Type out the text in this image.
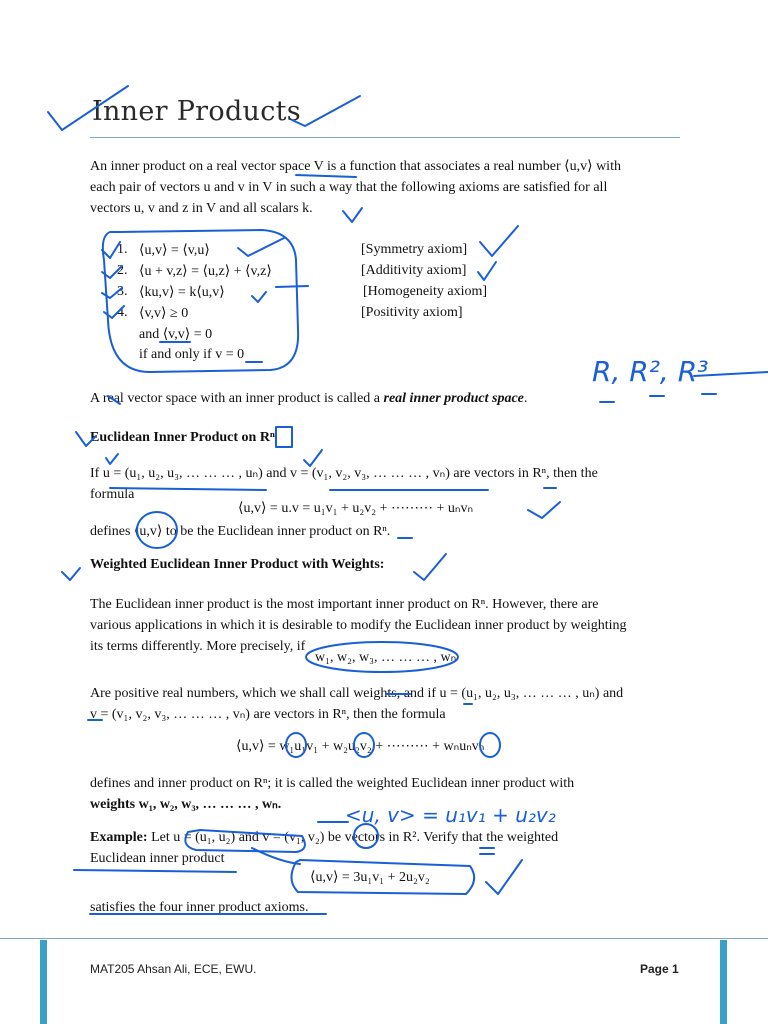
Inner Products
An inner product on a real vector space V is a function that associates a real number ⟨u,v⟩ with
each pair of vectors u and v in V in such a way that the following axioms are satisfied for all
vectors u, v and z in V and all scalars k.
1. ⟨u,v⟩ = ⟨v,u⟩	[Symmetry axiom]
2. ⟨u + v,z⟩ = ⟨u,z⟩ + ⟨v,z⟩	[Additivity axiom]
3. ⟨ku,v⟩ = k⟨u,v⟩	[Homogeneity axiom]
4. ⟨v,v⟩ ≥ 0	[Positivity axiom]
and ⟨v,v⟩ = 0
if and only if v = 0
A real vector space with an inner product is called a real inner product space.
Euclidean Inner Product on Rⁿ
If u = (u₁, u₂, u₃, … … … , uₙ) and v = (v₁, v₂, v₃, … … … , vₙ) are vectors in Rⁿ, then the
formula
⟨u,v⟩ = u.v = u₁v₁ + u₂v₂ + ⋯⋯⋯ + uₙvₙ
defines ⟨u,v⟩ to be the Euclidean inner product on Rⁿ.
Weighted Euclidean Inner Product with Weights:
The Euclidean inner product is the most important inner product on Rⁿ. However, there are
various applications in which it is desirable to modify the Euclidean inner product by weighting
its terms differently. More precisely, if
w₁, w₂, w₃, … … … , wₙ
Are positive real numbers, which we shall call weights, and if u = (u₁, u₂, u₃, … … … , uₙ) and
v = (v₁, v₂, v₃, … … … , vₙ) are vectors in Rⁿ, then the formula
⟨u,v⟩ = w₁u₁v₁ + w₂u₂v₂ + ⋯⋯⋯ + wₙuₙvₙ
defines and inner product on Rⁿ; it is called the weighted Euclidean inner product with
weights w₁, w₂, w₃, … … … , wₙ.
Example: Let u = (u₁, u₂) and v = (v₁, v₂) be vectors in R². Verify that the weighted
Euclidean inner product
⟨u,v⟩ = 3u₁v₁ + 2u₂v₂
satisfies the four inner product axioms.
R, R², R³
<u, v> = u₁v₁ + u₂v₂
MAT205 Ahsan Ali, ECE, EWU.	Page 1
